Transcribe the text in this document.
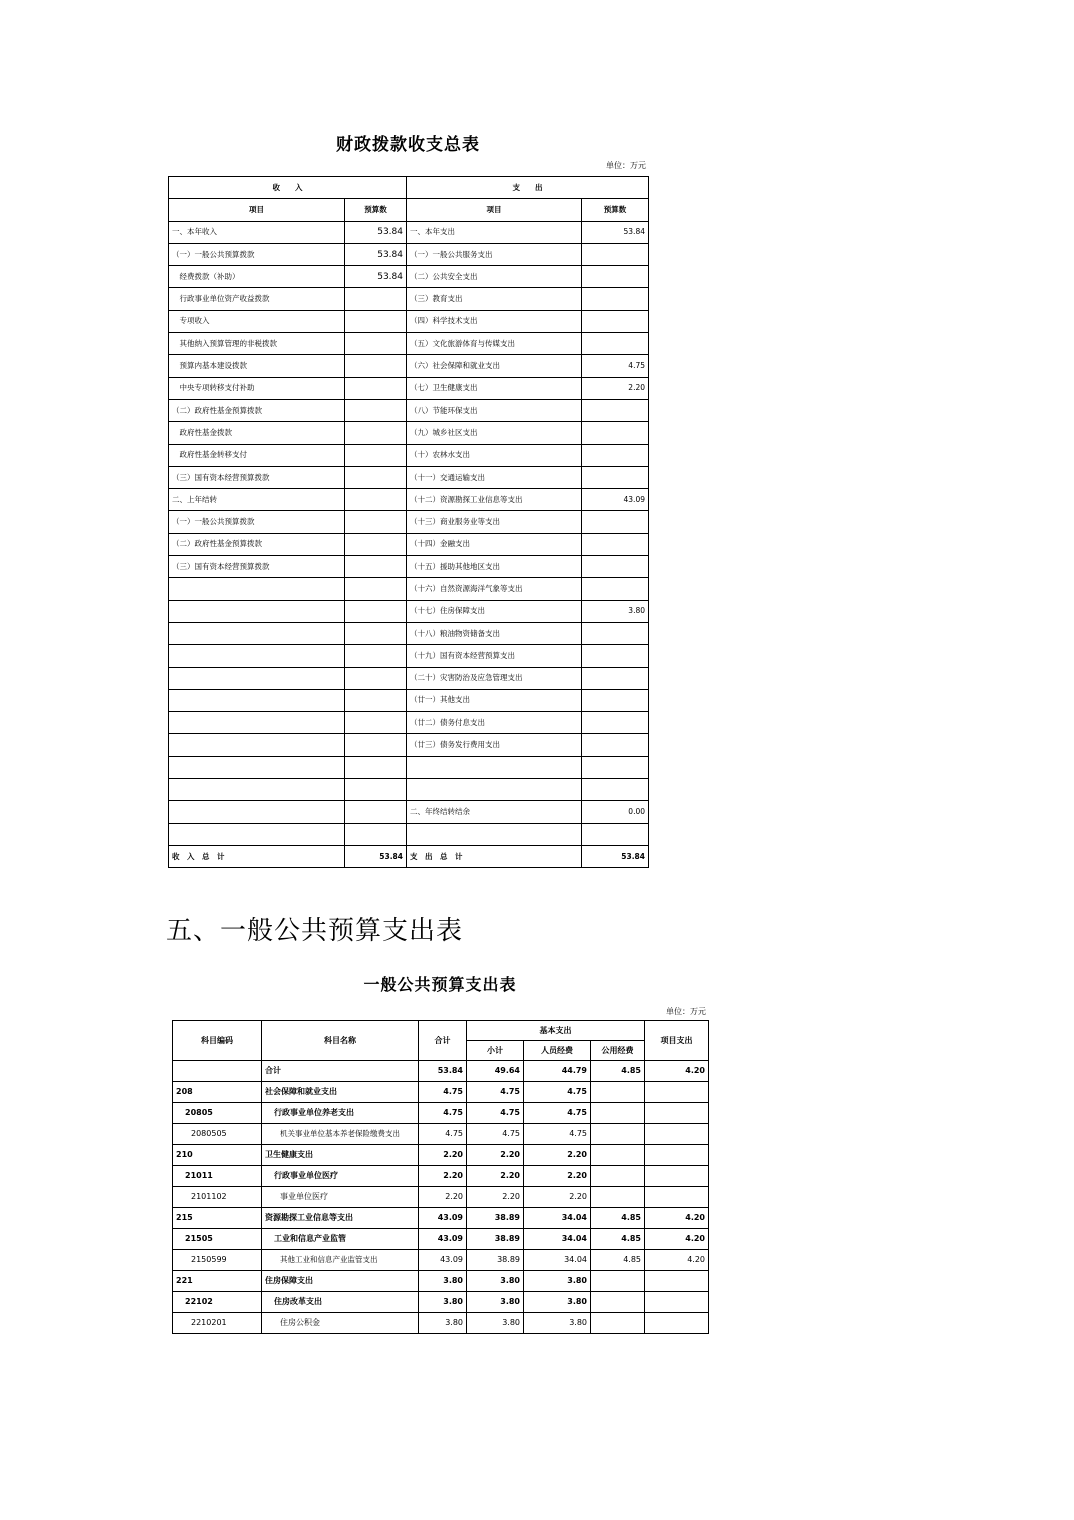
财政拨款收支总表
单位：万元
收　　入		支　　出	
项目	预算数	项目	预算数
一、本年收入	53.84	一、本年支出	53.84
（一）一般公共预算拨款	53.84	（一）一般公共服务支出	
　经费拨款（补助）	53.84	（二）公共安全支出	
　行政事业单位资产收益拨款		（三）教育支出	
　专项收入		（四）科学技术支出	
　其他纳入预算管理的非税拨款		（五）文化旅游体育与传媒支出	
　预算内基本建设拨款		（六）社会保障和就业支出	4.75
　中央专项转移支付补助		（七）卫生健康支出	2.20
（二）政府性基金预算拨款		（八）节能环保支出	
　政府性基金拨款		（九）城乡社区支出	
　政府性基金转移支付		（十）农林水支出	
（三）国有资本经营预算拨款		（十一）交通运输支出	
二、上年结转		（十二）资源勘探工业信息等支出	43.09
（一）一般公共预算拨款		（十三）商业服务业等支出	
（二）政府性基金预算拨款		（十四）金融支出	
（三）国有资本经营预算拨款		（十五）援助其他地区支出	
		（十六）自然资源海洋气象等支出	
		（十七）住房保障支出	3.80
		（十八）粮油物资储备支出	
		（十九）国有资本经营预算支出	
		（二十）灾害防治及应急管理支出	
		（廿一）其他支出	
		（廿二）债务付息支出	
		（廿三）债务发行费用支出	

		二、年终结转结余	0.00

收　入　总　计	53.84	支　出　总　计	53.84
五、一般公共预算支出表
一般公共预算支出表
单位：万元
科目编码	科目名称	合计	基本支出			项目支出
			小计	人员经费	公用经费	
	合计	53.84	49.64	44.79	4.85	4.20
208	社会保障和就业支出	4.75	4.75	4.75		
20805	行政事业单位养老支出	4.75	4.75	4.75		
2080505	机关事业单位基本养老保险缴费支出	4.75	4.75	4.75		
210	卫生健康支出	2.20	2.20	2.20		
21011	行政事业单位医疗	2.20	2.20	2.20		
2101102	事业单位医疗	2.20	2.20	2.20		
215	资源勘探工业信息等支出	43.09	38.89	34.04	4.85	4.20
21505	工业和信息产业监管	43.09	38.89	34.04	4.85	4.20
2150599	其他工业和信息产业监管支出	43.09	38.89	34.04	4.85	4.20
221	住房保障支出	3.80	3.80	3.80		
22102	住房改革支出	3.80	3.80	3.80		
2210201	住房公积金	3.80	3.80	3.80		
